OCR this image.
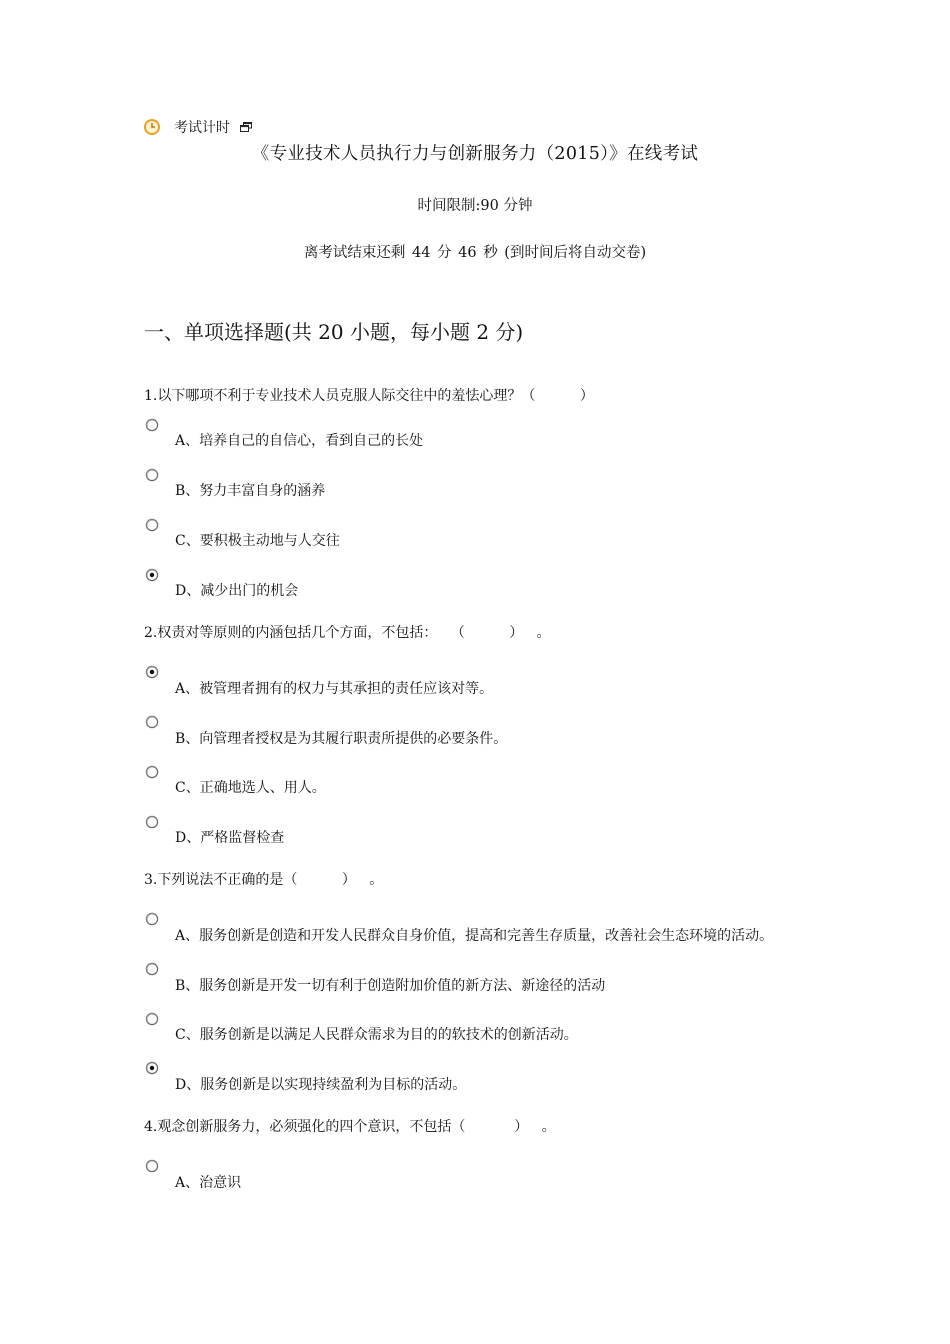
考试计时
《专业技术人员执行力与创新服务力（2015）》在线考试
时间限制:90 分钟
离考试结束还剩 44 分 46 秒 (到时间后将自动交卷)
一、单项选择题(共 20 小题，每小题 2 分)
1.以下哪项不利于专业技术人员克服人际交往中的羞怯心理？（          ）
A、培养自己的自信心，看到自己的长处
B、努力丰富自身的涵养
C、要积极主动地与人交往
D、减少出门的机会
2.权责对等原则的内涵包括几个方面，不包括：   （          ）   。
A、被管理者拥有的权力与其承担的责任应该对等。
B、向管理者授权是为其履行职责所提供的必要条件。
C、正确地选人、用人。
D、严格监督检查
3.下列说法不正确的是（          ）   。
A、服务创新是创造和开发人民群众自身价值，提高和完善生存质量，改善社会生态环境的活动。
B、服务创新是开发一切有利于创造附加价值的新方法、新途径的活动
C、服务创新是以满足人民群众需求为目的的软技术的创新活动。
D、服务创新是以实现持续盈利为目标的活动。
4.观念创新服务力，必须强化的四个意识，不包括（           ）   。
A、治意识
